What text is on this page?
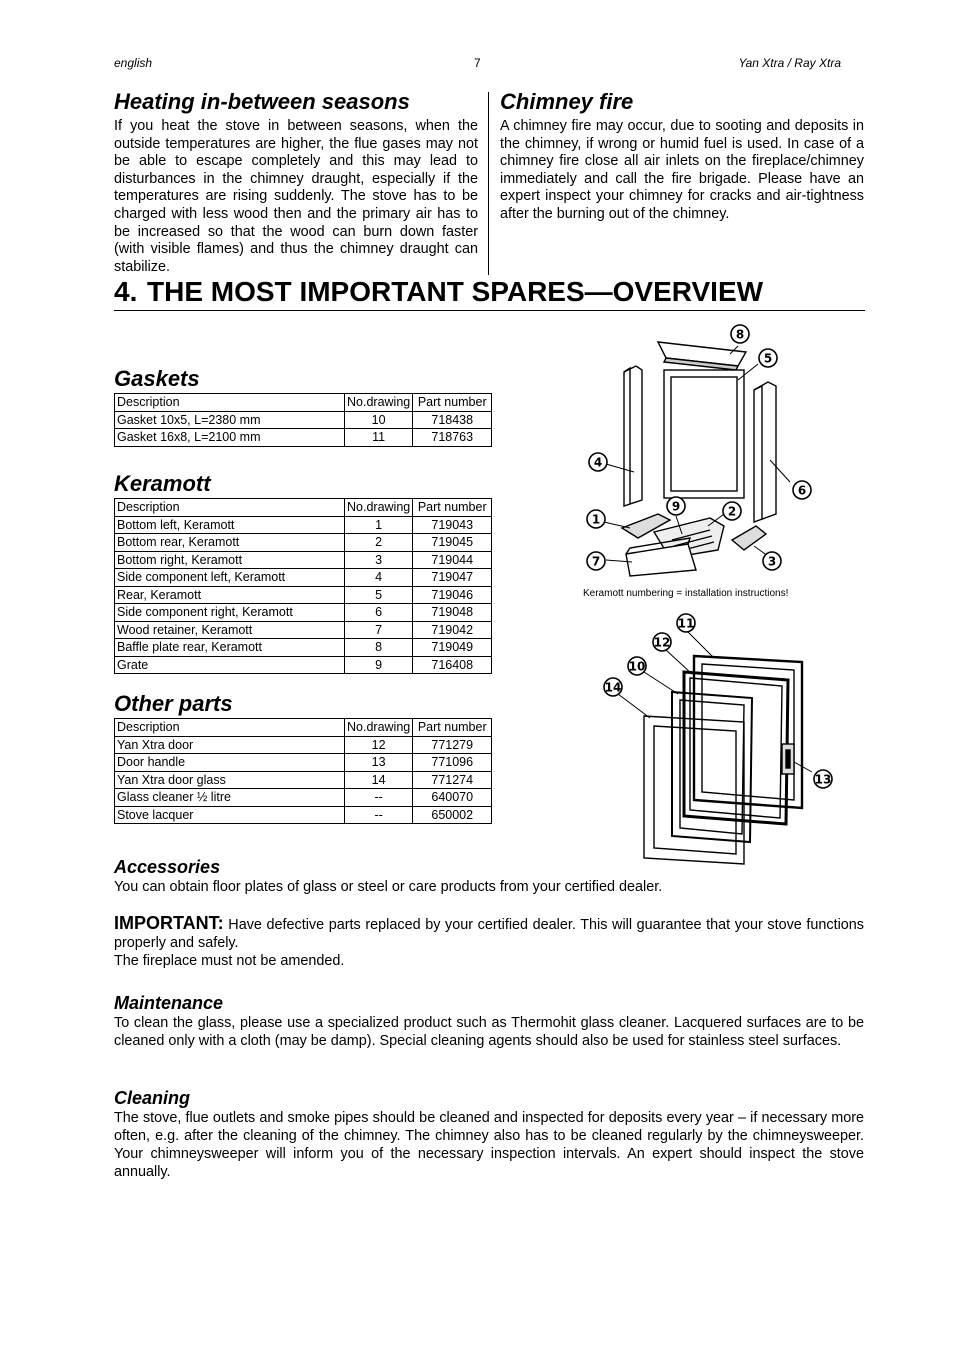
english	7	Yan Xtra / Ray Xtra
Heating in-between seasons

If you heat the stove in between seasons, when the outside temperatures are higher, the flue gases may not be able to escape completely and this may lead to disturbances in the chimney draught, especially if the temperatures are rising suddenly. The stove has to be charged with less wood then and the primary air has to be increased so that the wood can burn down faster (with visible flames) and thus the chimney draught can stabilize.

Chimney fire

A chimney fire may occur, due to sooting and deposits in the chimney, if wrong or humid fuel is used. In case of a chimney fire close all air inlets on the fireplace/chimney immediately and call the fire brigade. Please have an expert inspect your chimney for cracks and air-tightness after the burning out of the chimney.

4. THE MOST IMPORTANT SPARES—OVERVIEW
Gaskets
Description	No.drawing	Part number
Gasket 10x5, L=2380 mm	10	718438
Gasket 16x8, L=2100 mm	11	718763
Keramott
Description	No.drawing	Part number
Bottom left, Keramott	1	719043
Bottom rear, Keramott	2	719045
Bottom right, Keramott	3	719044
Side component left, Keramott	4	719047
Rear, Keramott	5	719046
Side component right, Keramott	6	719048
Wood retainer, Keramott	7	719042
Baffle plate rear, Keramott	8	719049
Grate	9	716408
Other parts
Description	No.drawing	Part number
Yan Xtra door	12	771279
Door handle	13	771096
Yan Xtra door glass	14	771274
Glass cleaner ½ litre	--	640070
Stove lacquer	--	650002
8
5
4
6
1
9	2
7	3
Keramott numbering = installation instructions!
11
12
10
14
13
Accessories

You can obtain floor plates of glass or steel or care products from your certified dealer.

IMPORTANT: Have defective parts replaced by your certified dealer. This will guarantee that your stove functions properly and safely.

The fireplace must not be amended.

Maintenance

To clean the glass, please use a specialized product such as Thermohit glass cleaner. Lacquered surfaces are to be cleaned only with a cloth (may be damp). Special cleaning agents should also be used for stainless steel surfaces.

Cleaning

The stove, flue outlets and smoke pipes should be cleaned and inspected for deposits every year – if necessary more often, e.g. after the cleaning of the chimney. The chimney also has to be cleaned regularly by the chimneysweeper. Your chimneysweeper will inform you of the necessary inspection intervals. An expert should inspect the stove annually.
